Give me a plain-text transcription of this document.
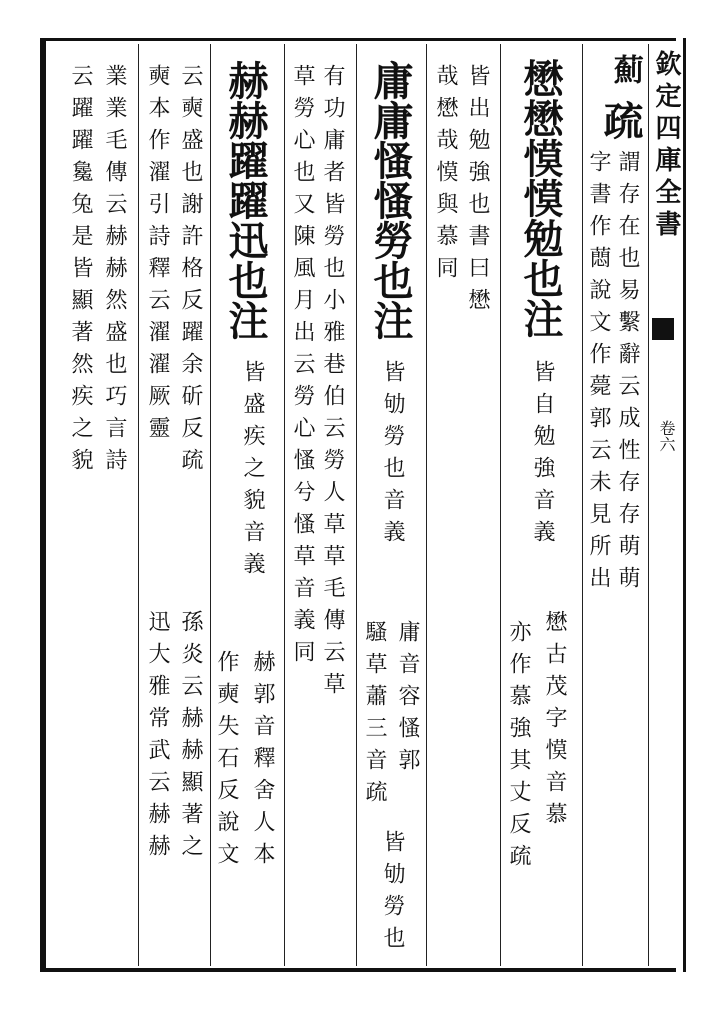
欽定四庫全書
卷六
薊
疏
謂存在也易繫辭云成性存存萌萌
字書作蕄說文作薨郭云未見所出
懋懋慔慔勉也注
皆自勉強音義
懋古茂字慔音慕
亦作慕強其丈反疏
皆出勉強也書曰懋
哉懋哉慔與慕同
庸庸慅慅勞也注
皆劬勞也音義
庸音容慅郭
騷草蕭三音疏
皆劬勞也
有功庸者皆勞也小雅巷伯云勞人草草毛傳云草
草勞心也又陳風月出云勞心慅兮慅草音義同
赫赫躍躍迅也注
皆盛疾之貌音義
赫郭音釋舍人本
作奭失石反說文
云奭盛也謝許格反躍余斫反疏
孫炎云赫赫顯著之
奭本作濯引詩釋云濯濯厥靈
迅大雅常武云赫赫
業業毛傳云赫赫然盛也巧言詩
云躍躍毚兔是皆顯著然疾之貌
